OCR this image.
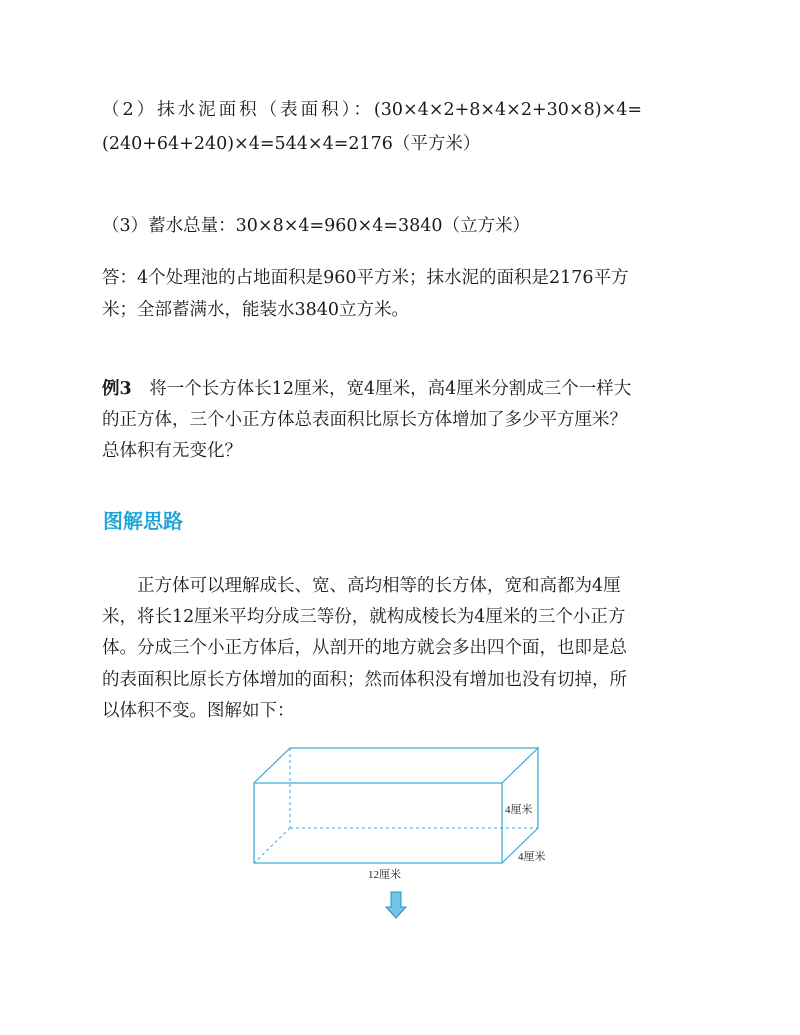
（2）抹水泥面积（表面积）：(30×4×2+8×4×2+30×8)×4=

(240+64+240)×4=544×4=2176（平方米）

（3）蓄水总量：30×8×4=960×4=3840（立方米）

答：4个处理池的占地面积是960平方米；抹水泥的面积是2176平方

米；全部蓄满水，能装水3840立方米。

例3　 将一个长方体长12厘米，宽4厘米，高4厘米分割成三个一样大

的正方体，三个小正方体总表面积比原长方体增加了多少平方厘米？

总体积有无变化？

图解思路

　　正方体可以理解成长、宽、高均相等的长方体，宽和高都为4厘

米，将长12厘米平均分成三等份，就构成棱长为4厘米的三个小正方

体。分成三个小正方体后，从剖开的地方就会多出四个面，也即是总

的表面积比原长方体增加的面积；然而体积没有增加也没有切掉，所

以体积不变。图解如下：

4厘米
4厘米
12厘米
